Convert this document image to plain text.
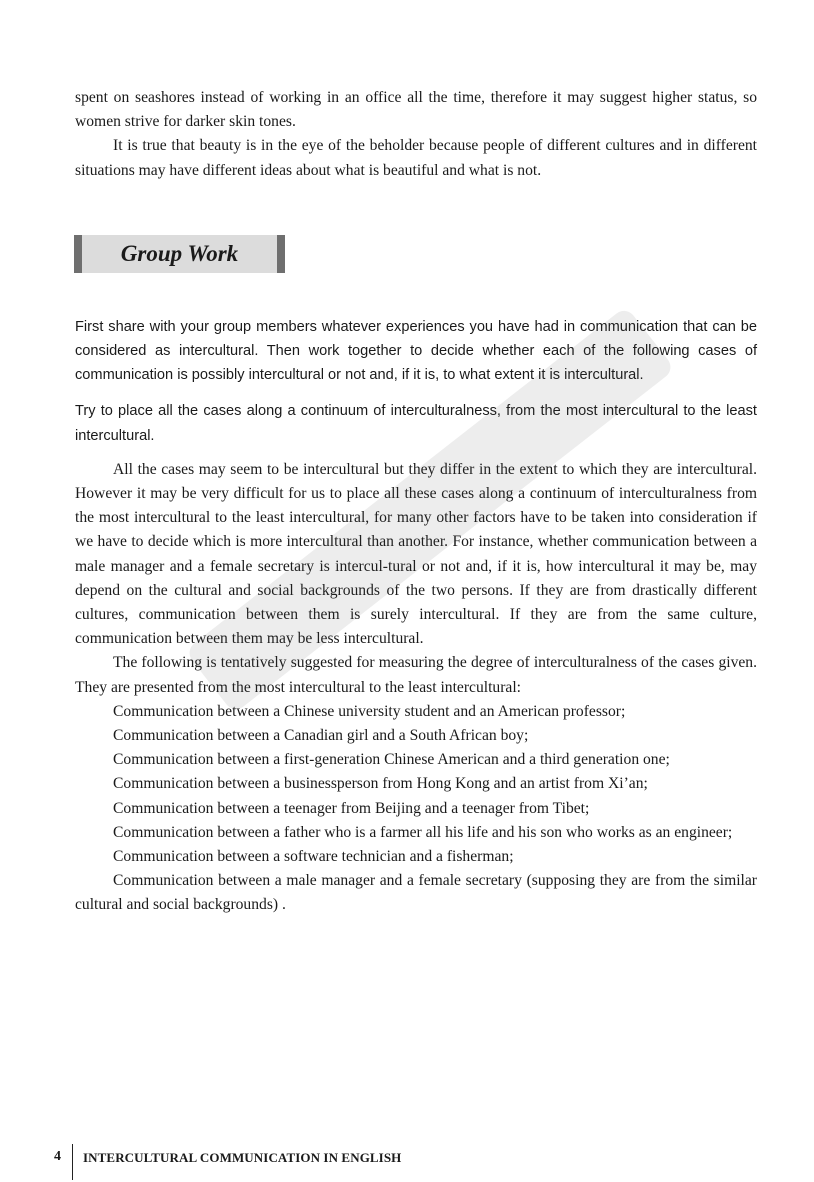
spent on seashores instead of working in an office all the time, therefore it may suggest higher status, so women strive for darker skin tones.

It is true that beauty is in the eye of the beholder because people of different cultures and in different situations may have different ideas about what is beautiful and what is not.

Group Work

First share with your group members whatever experiences you have had in communication that can be considered as intercultural. Then work together to decide whether each of the following cases of communication is possibly intercultural or not and, if it is, to what extent it is intercultural.

Try to place all the cases along a continuum of interculturalness, from the most intercultural to the least intercultural.

All the cases may seem to be intercultural but they differ in the extent to which they are intercultural. However it may be very difficult for us to place all these cases along a continuum of interculturalness from the most intercultural to the least intercultural, for many other factors have to be taken into consideration if we have to decide which is more intercultural than another. For instance, whether communication between a male manager and a female secretary is intercul-tural or not and, if it is, how intercultural it may be, may depend on the cultural and social backgrounds of the two persons. If they are from drastically different cultures, communication between them is surely intercultural. If they are from the same culture, communication between them may be less intercultural.

The following is tentatively suggested for measuring the degree of interculturalness of the cases given. They are presented from the most intercultural to the least intercultural:

Communication between a Chinese university student and an American professor;

Communication between a Canadian girl and a South African boy;

Communication between a first-generation Chinese American and a third generation one;

Communication between a businessperson from Hong Kong and an artist from Xi’an;

Communication between a teenager from Beijing and a teenager from Tibet;

Communication between a father who is a farmer all his life and his son who works as an engineer;

Communication between a software technician and a fisherman;

Communication between a male manager and a female secretary (supposing they are from the similar cultural and social backgrounds) .

4	INTERCULTURAL COMMUNICATION IN ENGLISH
